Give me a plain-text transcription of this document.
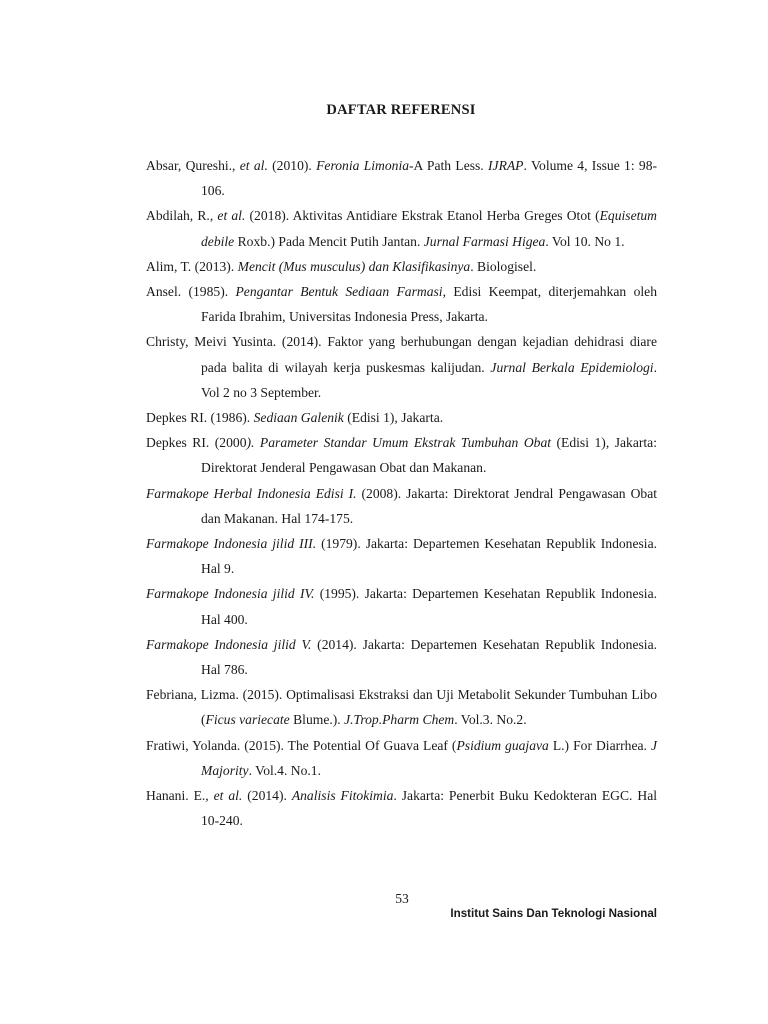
DAFTAR REFERENSI

Absar, Qureshi., et al. (2010). Feronia Limonia-A Path Less. IJRAP. Volume 4, Issue 1: 98-106.

Abdilah, R., et al. (2018). Aktivitas Antidiare Ekstrak Etanol Herba Greges Otot (Equisetum debile Roxb.) Pada Mencit Putih Jantan. Jurnal Farmasi Higea. Vol 10. No 1.

Alim, T. (2013). Mencit (Mus musculus) dan Klasifikasinya. Biologisel.

Ansel. (1985). Pengantar Bentuk Sediaan Farmasi, Edisi Keempat, diterjemahkan oleh Farida Ibrahim, Universitas Indonesia Press, Jakarta.

Christy, Meivi Yusinta. (2014). Faktor yang berhubungan dengan kejadian dehidrasi diare pada balita di wilayah kerja puskesmas kalijudan. Jurnal Berkala Epidemiologi. Vol 2 no 3 September.

Depkes RI. (1986). Sediaan Galenik (Edisi 1), Jakarta.

Depkes RI. (2000). Parameter Standar Umum Ekstrak Tumbuhan Obat (Edisi 1), Jakarta: Direktorat Jenderal Pengawasan Obat dan Makanan.

Farmakope Herbal Indonesia Edisi I. (2008). Jakarta: Direktorat Jendral Pengawasan Obat dan Makanan. Hal 174-175.

Farmakope Indonesia jilid III. (1979). Jakarta: Departemen Kesehatan Republik Indonesia. Hal 9.

Farmakope Indonesia jilid IV. (1995). Jakarta: Departemen Kesehatan Republik Indonesia. Hal 400.

Farmakope Indonesia jilid V. (2014). Jakarta: Departemen Kesehatan Republik Indonesia. Hal 786.

Febriana, Lizma. (2015). Optimalisasi Ekstraksi dan Uji Metabolit Sekunder Tumbuhan Libo (Ficus variecate Blume.). J.Trop.Pharm Chem. Vol.3. No.2.

Fratiwi, Yolanda. (2015). The Potential Of Guava Leaf (Psidium guajava L.) For Diarrhea. J Majority. Vol.4. No.1.

Hanani. E., et al. (2014). Analisis Fitokimia. Jakarta: Penerbit Buku Kedokteran EGC. Hal 10-240.

53
Institut Sains Dan Teknologi Nasional
